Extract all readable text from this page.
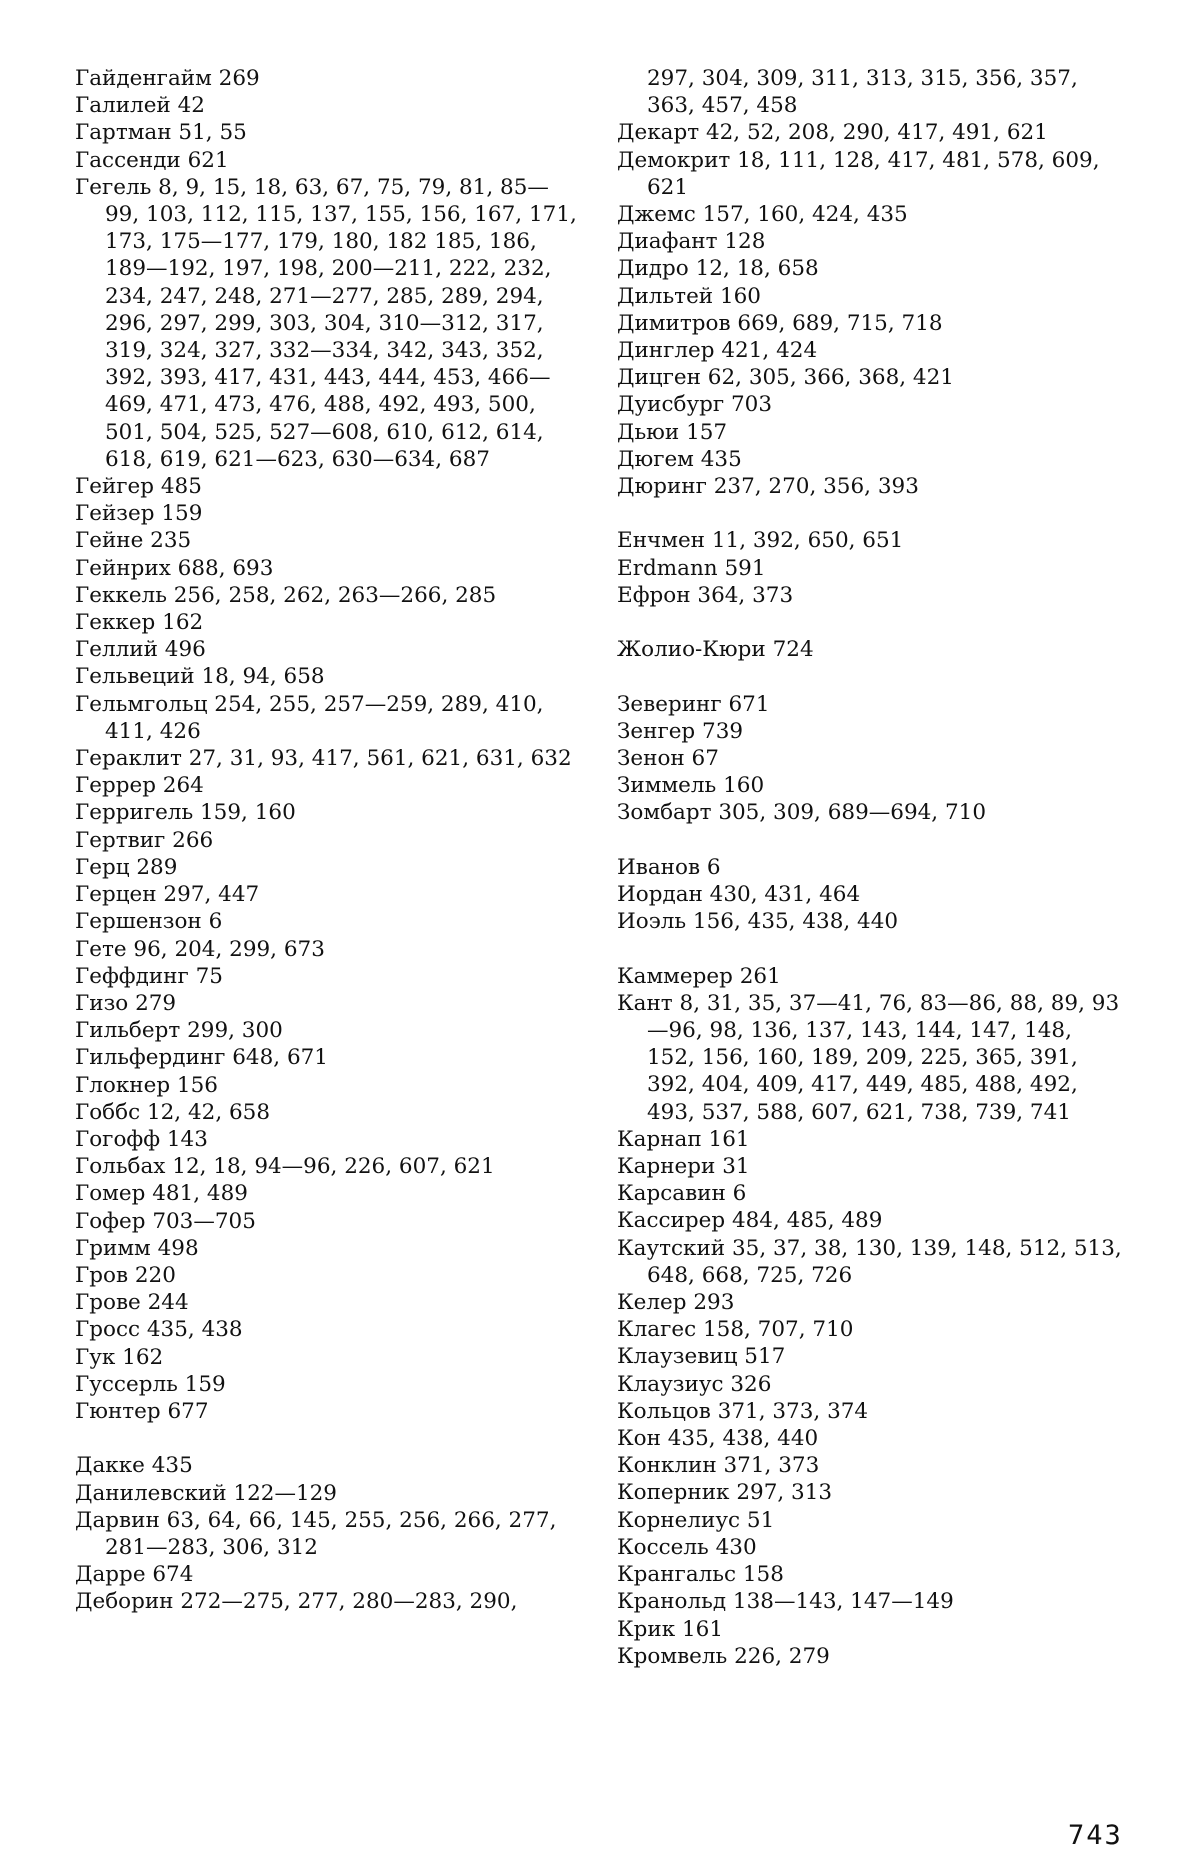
Гайденгайм 269

Галилей 42

Гартман 51, 55

Гассенди 621

Гегель 8, 9, 15, 18, 63, 67, 75, 79, 81, 85—99, 103, 112, 115, 137, 155, 156, 167, 171, 173, 175—177, 179, 180, 182 185, 186, 189—192, 197, 198, 200—211, 222, 232, 234, 247, 248, 271—277, 285, 289, 294, 296, 297, 299, 303, 304, 310—312, 317, 319, 324, 327, 332—334, 342, 343, 352, 392, 393, 417, 431, 443, 444, 453, 466—469, 471, 473, 476, 488, 492, 493, 500, 501, 504, 525, 527—608, 610, 612, 614, 618, 619, 621—623, 630—634, 687

Гейгер 485

Гейзер 159

Гейне 235

Гейнрих 688, 693

Геккель 256, 258, 262, 263—266, 285

Геккер 162

Геллий 496

Гельвеций 18, 94, 658

Гельмгольц 254, 255, 257—259, 289, 410, 411, 426

Гераклит 27, 31, 93, 417, 561, 621, 631, 632

Геррер 264

Герригель 159, 160

Гертвиг 266

Герц 289

Герцен 297, 447

Гершензон 6

Гете 96, 204, 299, 673

Геффдинг 75

Гизо 279

Гильберт 299, 300

Гильфердинг 648, 671

Глокнер 156

Гоббс 12, 42, 658

Гогофф 143

Гольбах 12, 18, 94—96, 226, 607, 621

Гомер 481, 489

Гофер 703—705

Гримм 498

Гров 220

Грове 244

Гросс 435, 438

Гук 162

Гуссерль 159

Гюнтер 677

Дакке 435

Данилевский 122—129

Дарвин 63, 64, 66, 145, 255, 256, 266, 277, 281—283, 306, 312

Дарре 674

Деборин 272—275, 277, 280—283, 290,

297, 304, 309, 311, 313, 315, 356, 357, 363, 457, 458

Декарт 42, 52, 208, 290, 417, 491, 621

Демокрит 18, 111, 128, 417, 481, 578, 609, 621

Джемс 157, 160, 424, 435

Диафант 128

Дидро 12, 18, 658

Дильтей 160

Димитров 669, 689, 715, 718

Динглер 421, 424

Дицген 62, 305, 366, 368, 421

Дуисбург 703

Дьюи 157

Дюгем 435

Дюринг 237, 270, 356, 393

Енчмен 11, 392, 650, 651

Erdmann 591

Ефрон 364, 373

Жолио-Кюри 724

Зеверинг 671

Зенгер 739

Зенон 67

Зиммель 160

Зомбарт 305, 309, 689—694, 710

Иванов 6

Иордан 430, 431, 464

Иоэль 156, 435, 438, 440

Каммерер 261

Кант 8, 31, 35, 37—41, 76, 83—86, 88, 89, 93—96, 98, 136, 137, 143, 144, 147, 148, 152, 156, 160, 189, 209, 225, 365, 391, 392, 404, 409, 417, 449, 485, 488, 492, 493, 537, 588, 607, 621, 738, 739, 741

Карнап 161

Карнери 31

Карсавин 6

Кассирер 484, 485, 489

Каутский 35, 37, 38, 130, 139, 148, 512, 513, 648, 668, 725, 726

Келер 293

Клагес 158, 707, 710

Клаузевиц 517

Клаузиус 326

Кольцов 371, 373, 374

Кон 435, 438, 440

Конклин 371, 373

Коперник 297, 313

Корнелиус 51

Коссель 430

Крангальс 158

Кранольд 138—143, 147—149

Крик 161

Кромвель 226, 279

743
